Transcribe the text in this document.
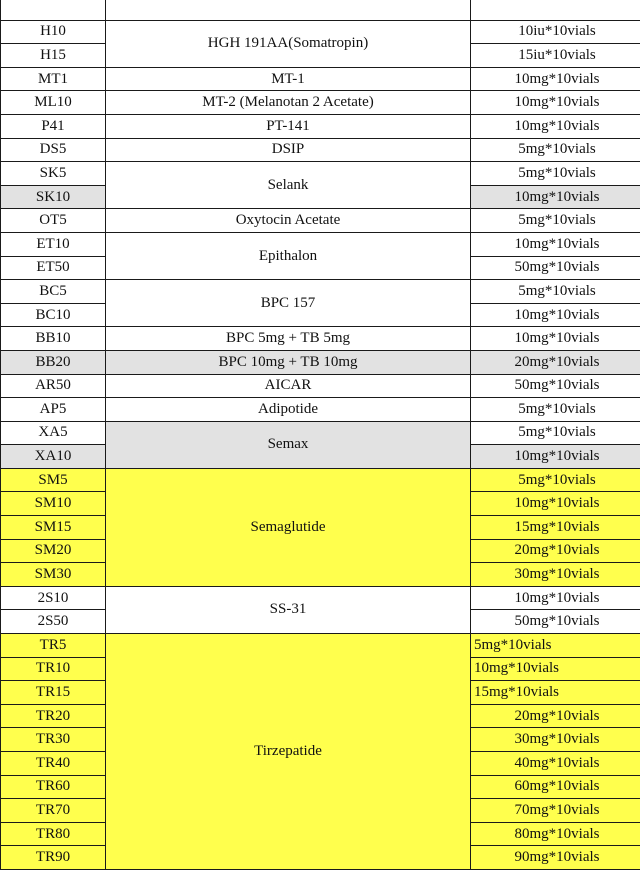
H10	HGH 191AA(Somatropin)	10iu*10vials
H15		15iu*10vials
MT1	MT-1	10mg*10vials
ML10	MT-2 (Melanotan 2 Acetate)	10mg*10vials
P41	PT-141	10mg*10vials
DS5	DSIP	5mg*10vials
SK5	Selank	5mg*10vials
SK10		10mg*10vials
OT5	Oxytocin Acetate	5mg*10vials
ET10	Epithalon	10mg*10vials
ET50		50mg*10vials
BC5	BPC 157	5mg*10vials
BC10		10mg*10vials
BB10	BPC 5mg + TB 5mg	10mg*10vials
BB20	BPC 10mg + TB 10mg	20mg*10vials
AR50	AICAR	50mg*10vials
AP5	Adipotide	5mg*10vials
XA5	Semax	5mg*10vials
XA10		10mg*10vials
SM5	Semaglutide	5mg*10vials
SM10		10mg*10vials
SM15		15mg*10vials
SM20		20mg*10vials
SM30		30mg*10vials
2S10	SS-31	10mg*10vials
2S50		50mg*10vials
TR5	Tirzepatide	5mg*10vials
TR10		10mg*10vials
TR15		15mg*10vials
TR20		20mg*10vials
TR30		30mg*10vials
TR40		40mg*10vials
TR60		60mg*10vials
TR70		70mg*10vials
TR80		80mg*10vials
TR90		90mg*10vials
